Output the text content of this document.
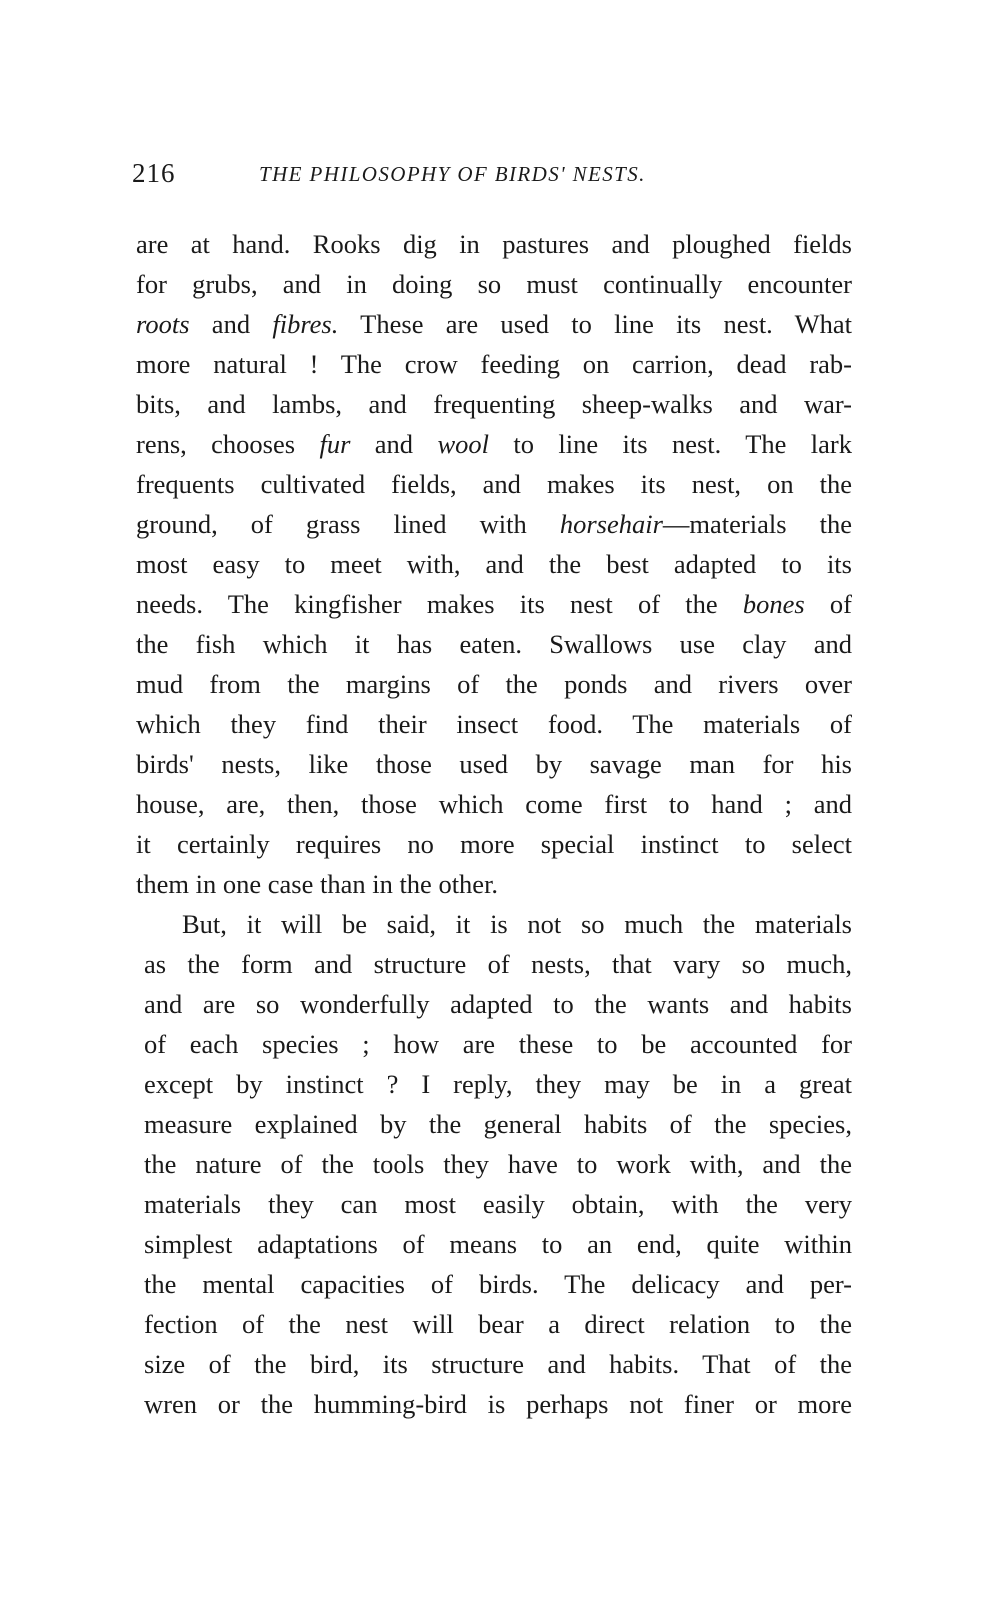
216	THE PHILOSOPHY OF BIRDS' NESTS.
are at hand. Rooks dig in pastures and ploughed fields
for grubs, and in doing so must continually encounter
roots and fibres. These are used to line its nest. What
more natural ! The crow feeding on carrion, dead rab-
bits, and lambs, and frequenting sheep-walks and war-
rens, chooses fur and wool to line its nest. The lark
frequents cultivated fields, and makes its nest, on the
ground, of grass lined with horsehair—materials the
most easy to meet with, and the best adapted to its
needs. The kingfisher makes its nest of the bones of
the fish which it has eaten. Swallows use clay and
mud from the margins of the ponds and rivers over
which they find their insect food. The materials of
birds' nests, like those used by savage man for his
house, are, then, those which come first to hand ; and
it certainly requires no more special instinct to select
them in one case than in the other.
But, it will be said, it is not so much the materials
as the form and structure of nests, that vary so much,
and are so wonderfully adapted to the wants and habits
of each species ; how are these to be accounted for
except by instinct ? I reply, they may be in a great
measure explained by the general habits of the species,
the nature of the tools they have to work with, and the
materials they can most easily obtain, with the very
simplest adaptations of means to an end, quite within
the mental capacities of birds. The delicacy and per-
fection of the nest will bear a direct relation to the
size of the bird, its structure and habits. That of the
wren or the humming-bird is perhaps not finer or more
